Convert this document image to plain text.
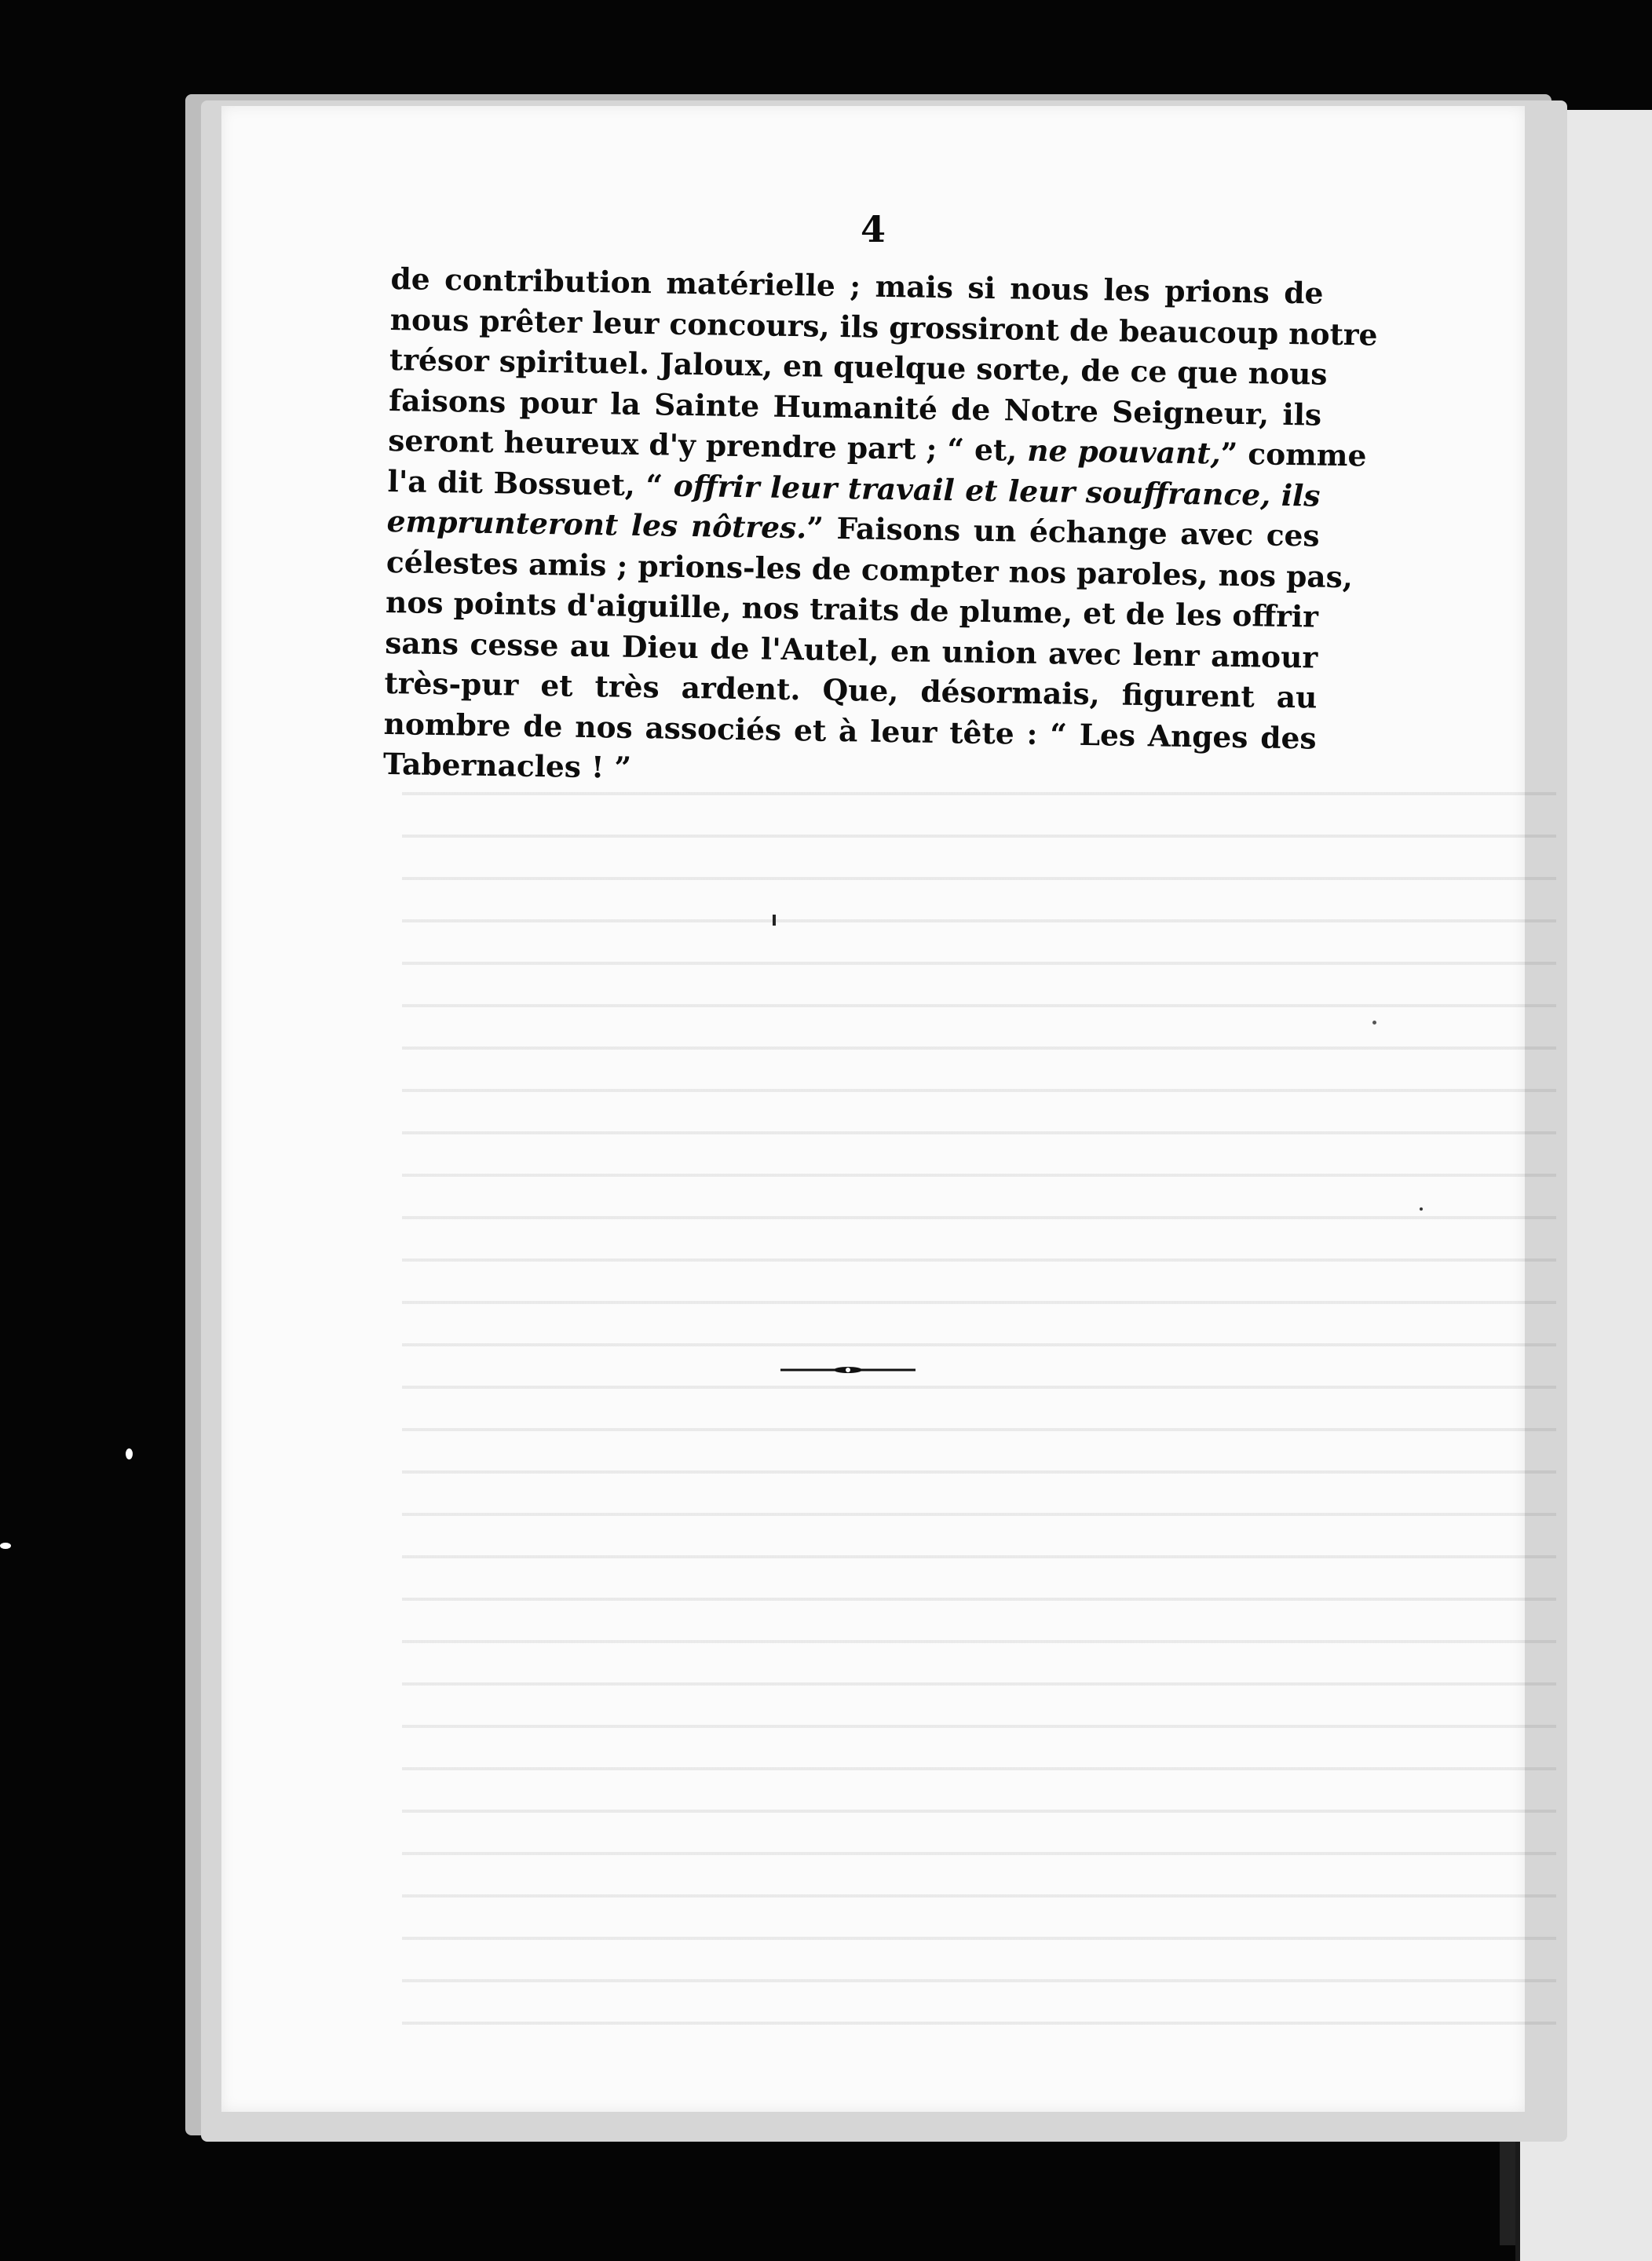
4
de contribution matérielle ; mais si nous les prions de
nous prêter leur concours, ils grossiront de beaucoup notre
trésor spirituel. Jaloux, en quelque sorte, de ce que nous
faisons pour la Sainte Humanité de Notre Seigneur, ils
seront heureux d'y prendre part ; “ et, ne pouvant,” comme
l'a dit Bossuet, “ offrir leur travail et leur souffrance, ils
emprunteront les nôtres.” Faisons un échange avec ces
célestes amis ; prions-les de compter nos paroles, nos pas,
nos points d'aiguille, nos traits de plume, et de les offrir
sans cesse au Dieu de l'Autel, en union avec lenr amour
très-pur et très ardent. Que, désormais, figurent au
nombre de nos associés et à leur tête : “ Les Anges des
Tabernacles ! ”
